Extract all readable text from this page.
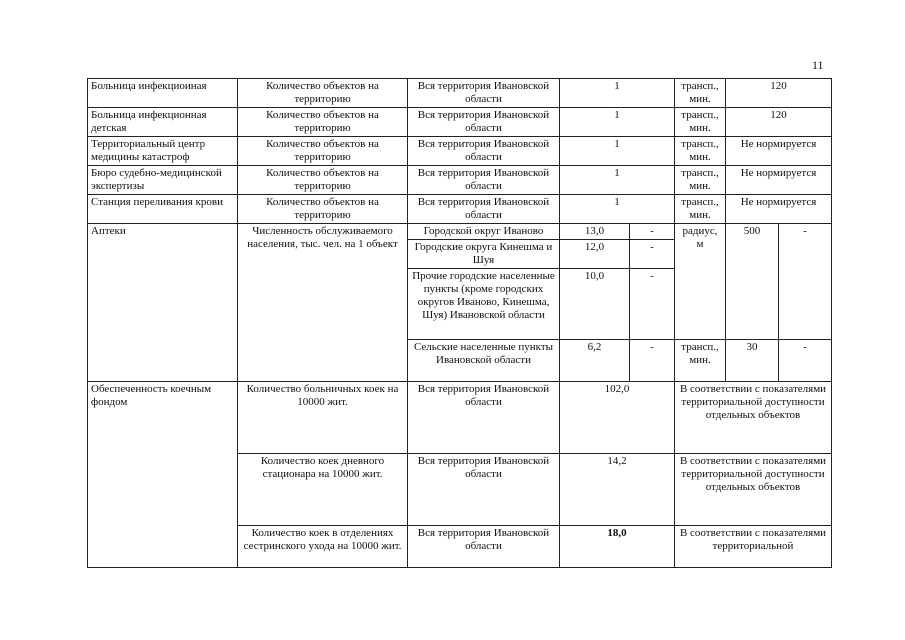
11
Больница инфекциоиная	Количество объектов на территорию	Вся территория Ивановской области	1		трансп., мин.	120	
Больница инфекционная детская	Количество объектов на территорию	Вся территория Ивановской области	1		трансп., мин.	120	
Территориальный центр медицины катастроф	Количество объектов на территорию	Вся территория Ивановской области	1		трансп., мин.	Не нормируется	
Бюро судебно-медицинской экспертизы	Количество объектов на территорию	Вся территория Ивановской области	1		трансп., мин.	Не нормируется	
Станция переливания крови	Количество объектов на территорию	Вся территория Ивановской области	1		трансп., мин.	Не нормируется	
Аптеки	Численность обслуживаемого населения, тыс. чел. на 1 объект	Городской округ Иваново	13,0	-	радиус, м	500	-
		Городские округа Кинешма и Шуя	12,0	-			
		Прочие городские населенные пункты (кроме городских округов Иваново, Кинешма, Шуя) Ивановской области	10,0	-			
		Сельские населенные пункты Ивановской области	6,2	-	трансп., мин.	30	-
Обеспеченность коечным фондом	Количество больничных коек на 10000 жит.	Вся территория Ивановской области	102,0		В соответствии с показателями территориальной доступности отдельных объектов		
	Количество коек дневного стационара на 10000 жит.	Вся территория Ивановской области	14,2		В соответствии с показателями территориальной доступности отдельных объектов		
	Количество коек в отделениях сестринского ухода на 10000 жит.	Вся территория Ивановской области	18,0		В соответствии с показателями территориальной		
